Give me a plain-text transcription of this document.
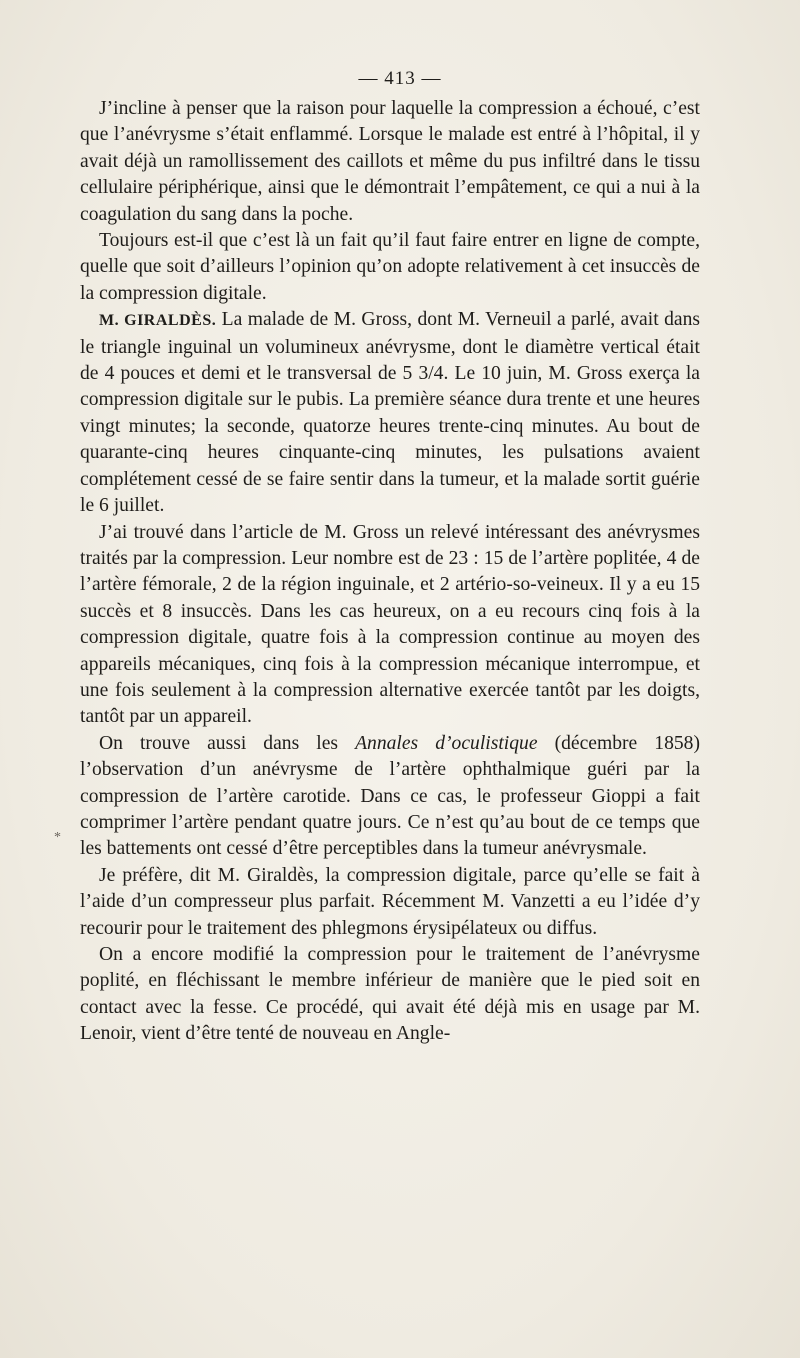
— 413 —
*

J’incline à penser que la raison pour laquelle la compression a échoué, c’est que l’anévrysme s’était enflammé. Lorsque le malade est entré à l’hôpital, il y avait déjà un ramollissement des caillots et même du pus infiltré dans le tissu cellulaire périphérique, ainsi que le démontrait l’empâtement, ce qui a nui à la coagulation du sang dans la poche.

Toujours est-il que c’est là un fait qu’il faut faire entrer en ligne de compte, quelle que soit d’ailleurs l’opinion qu’on adopte relativement à cet insuccès de la compression digitale.

M. GIRALDÈS. La malade de M. Gross, dont M. Verneuil a parlé, avait dans le triangle inguinal un volumineux anévrysme, dont le diamètre vertical était de 4 pouces et demi et le transversal de 5 3/4. Le 10 juin, M. Gross exerça la compression digitale sur le pubis. La première séance dura trente et une heures vingt minutes; la seconde, quatorze heures trente-cinq minutes. Au bout de quarante-cinq heures cinquante-cinq minutes, les pulsations avaient complétement cessé de se faire sentir dans la tumeur, et la malade sortit guérie le 6 juillet.

J’ai trouvé dans l’article de M. Gross un relevé intéressant des anévrysmes traités par la compression. Leur nombre est de 23 : 15 de l’artère poplitée, 4 de l’artère fémorale, 2 de la région inguinale, et 2 artério-so-veineux. Il y a eu 15 succès et 8 insuccès. Dans les cas heureux, on a eu recours cinq fois à la compression digitale, quatre fois à la compression continue au moyen des appareils mécaniques, cinq fois à la compression mécanique interrompue, et une fois seulement à la compression alternative exercée tantôt par les doigts, tantôt par un appareil.

On trouve aussi dans les Annales d’oculistique (décembre 1858) l’observation d’un anévrysme de l’artère ophthalmique guéri par la compression de l’artère carotide. Dans ce cas, le professeur Gioppi a fait comprimer l’artère pendant quatre jours. Ce n’est qu’au bout de ce temps que les battements ont cessé d’être perceptibles dans la tumeur anévrysmale.

Je préfère, dit M. Giraldès, la compression digitale, parce qu’elle se fait à l’aide d’un compresseur plus parfait. Récemment M. Vanzetti a eu l’idée d’y recourir pour le traitement des phlegmons érysipélateux ou diffus.

On a encore modifié la compression pour le traitement de l’anévrysme poplité, en fléchissant le membre inférieur de manière que le pied soit en contact avec la fesse. Ce procédé, qui avait été déjà mis en usage par M. Lenoir, vient d’être tenté de nouveau en Angle-
